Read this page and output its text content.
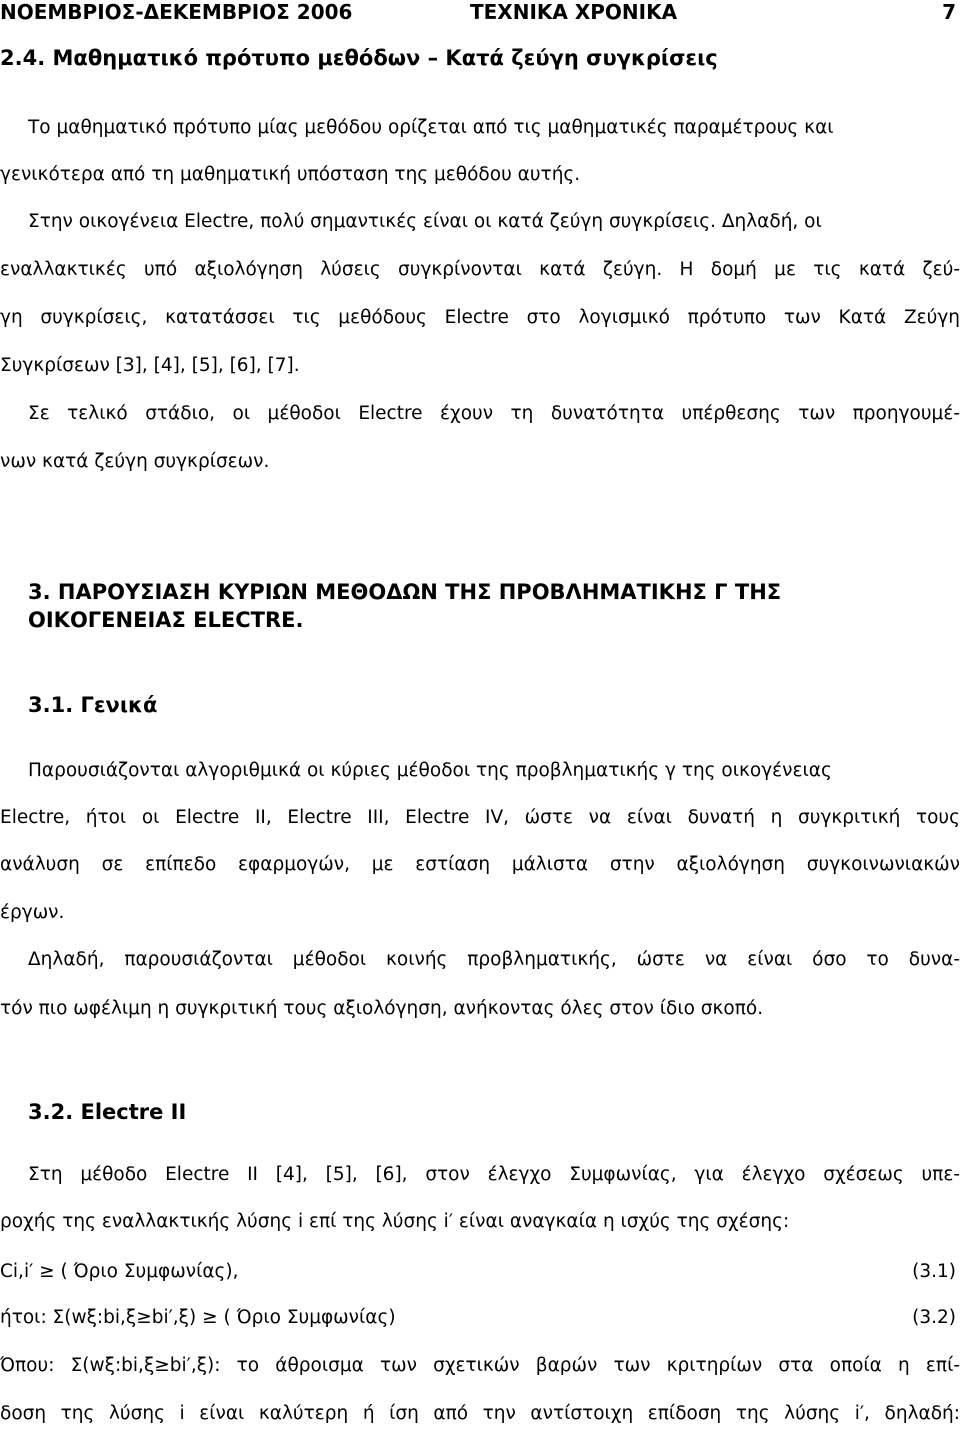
ΝΟΕΜΒΡΙΟΣ-ΔΕΚΕΜΒΡΙΟΣ 2006	ΤΕΧΝΙΚΑ ΧΡΟΝΙΚΑ	7
2.4. Μαθηματικό πρότυπο μεθόδων – Κατά ζεύγη συγκρίσεις
Το μαθηματικό πρότυπο μίας μεθόδου ορίζεται από τις μαθηματικές παραμέτρους και
γενικότερα από τη μαθηματική υπόσταση της μεθόδου αυτής.
Στην οικογένεια Electre, πολύ σημαντικές είναι οι κατά ζεύγη συγκρίσεις. Δηλαδή, οι
εναλλακτικές υπό αξιολόγηση λύσεις συγκρίνονται κατά ζεύγη. Η δομή με τις κατά ζεύ-
γη συγκρίσεις, κατατάσσει τις μεθόδους Electre στο λογισμικό πρότυπο των Κατά Ζεύγη
Συγκρίσεων [3], [4], [5], [6], [7].
Σε τελικό στάδιο, οι μέθοδοι Electre έχουν τη δυνατότητα υπέρθεσης των προηγουμέ-
νων κατά ζεύγη συγκρίσεων.
3. ΠΑΡΟΥΣΙΑΣΗ ΚΥΡΙΩΝ ΜΕΘΟΔΩΝ ΤΗΣ ΠΡΟΒΛΗΜΑΤΙΚΗΣ Γ ΤΗΣ
ΟΙΚΟΓΕΝΕΙΑΣ ELECTRE.
3.1. Γενικά
Παρουσιάζονται αλγοριθμικά οι κύριες μέθοδοι της προβληματικής γ της οικογένειας
Electre, ήτοι οι Electre II, Electre III, Electre IV, ώστε να είναι δυνατή η συγκριτική τους
ανάλυση σε επίπεδο εφαρμογών, με εστίαση μάλιστα στην αξιολόγηση συγκοινωνιακών
έργων.
Δηλαδή, παρουσιάζονται μέθοδοι κοινής προβληματικής, ώστε να είναι όσο το δυνα-
τόν πιο ωφέλιμη η συγκριτική τους αξιολόγηση, ανήκοντας όλες στον ίδιο σκοπό.
3.2. Electre II
Στη μέθοδο Electre II [4], [5], [6], στον έλεγχο Συμφωνίας, για έλεγχο σχέσεως υπε-
ροχής της εναλλακτικής λύσης i επί της λύσης i′ είναι αναγκαία η ισχύς της σχέσης:
Ci,i′ ≥ ( Όριο Συμφωνίας),	(3.1)
ήτοι: Σ(wξ:bi,ξ≥bi′,ξ) ≥ ( Όριο Συμφωνίας)	(3.2)
Όπου: Σ(wξ:bi,ξ≥bi′,ξ): το άθροισμα των σχετικών βαρών των κριτηρίων στα οποία η επί-
δοση της λύσης i είναι καλύτερη ή ίση από την αντίστοιχη επίδοση της λύσης i′, δηλαδή:
